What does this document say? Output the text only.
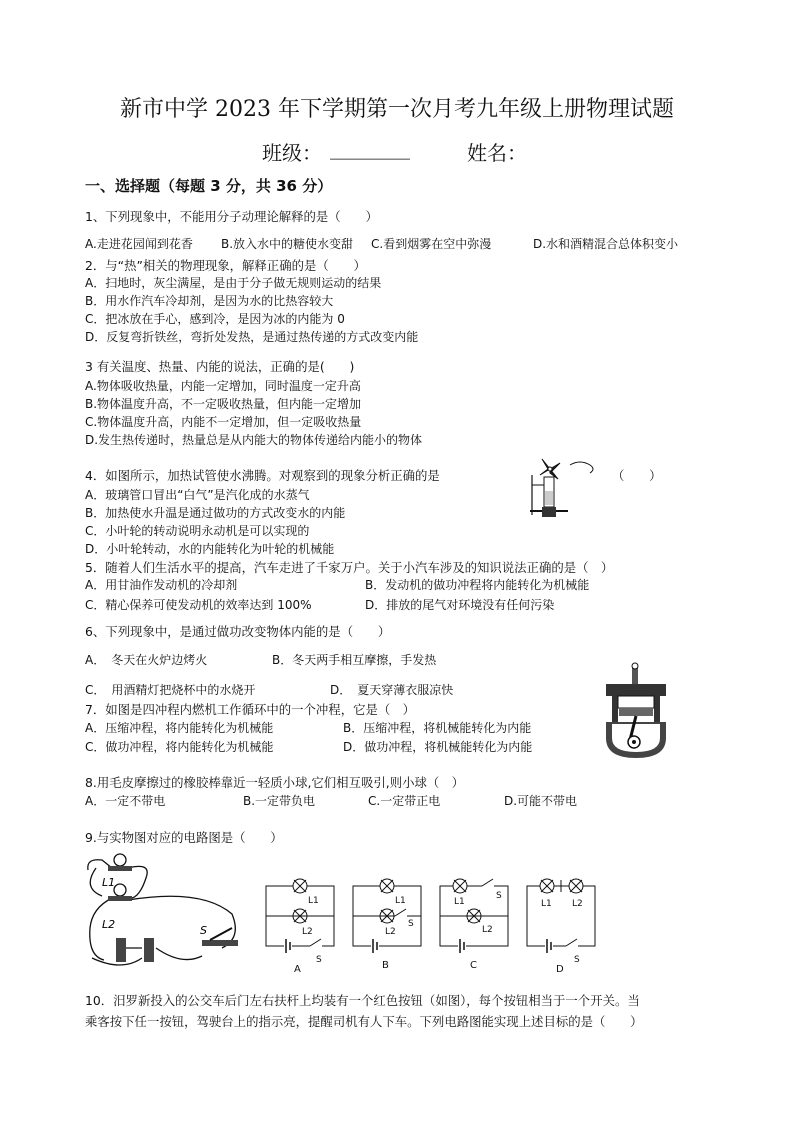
新市中学 2023 年下学期第一次月考九年级上册物理试题
班级： ________	姓名：
一、选择题（每题 3 分，共 36 分）
1、下列现象中，不能用分子动理论解释的是（　　）
A.走进花园闻到花香 B.放入水中的糖使水变甜 C.看到烟雾在空中弥漫	D.水和酒精混合总体积变小
2．与“热”相关的物理现象，解释正确的是（　　）
A．扫地时，灰尘满屋，是由于分子做无规则运动的结果
B．用水作汽车冷却剂，是因为水的比热容较大
C．把冰放在手心，感到冷，是因为冰的内能为 0
D．反复弯折铁丝，弯折处发热，是通过热传递的方式改变内能
3 有关温度、热量、内能的说法，正确的是(　　)
A.物体吸收热量，内能一定增加，同时温度一定升高
B.物体温度升高，不一定吸收热量，但内能一定增加
C.物体温度升高，内能不一定增加，但一定吸收热量
D.发生热传递时，热量总是从内能大的物体传递给内能小的物体
4．如图所示，加热试管使水沸腾。对观察到的现象分析正确的是	（　　）
A．玻璃管口冒出“白气”是汽化成的水蒸气
B．加热使水升温是通过做功的方式改变水的内能
C．小叶轮的转动说明永动机是可以实现的
D．小叶轮转动，水的内能转化为叶轮的机械能
5．随着人们生活水平的提高，汽车走进了千家万户。关于小汽车涉及的知识说法正确的是（　）
A．用甘油作发动机的冷却剂	B．发动机的做功冲程将内能转化为机械能
C．精心保养可使发动机的效率达到 100%	D．排放的尾气对环境没有任何污染
6、下列现象中，是通过做功改变物体内能的是（　　）
A．　冬天在火炉边烤火	B．冬天两手相互摩擦，手发热
C．　用酒精灯把烧杯中的水烧开	D．　夏天穿薄衣服凉快
7．如图是四冲程内燃机工作循环中的一个冲程，它是（　）
A．压缩冲程，将内能转化为机械能	B．压缩冲程，将机械能转化为内能
C．做功冲程，将内能转化为机械能	D．做功冲程，将机械能转化为内能
8.用毛皮摩擦过的橡胶棒靠近一轻质小球,它们相互吸引,则小球（　）
A．一定不带电	B.一定带负电	C.一定带正电	D.可能不带电
9.与实物图对应的电路图是（　　）
L1
L2	S
L1
L2
S
L1
L2
S
L1
L2
S
L1 L2
S
A	B	C	D
10．汨罗新投入的公交车后门左右扶杆上均装有一个红色按钮（如图），每个按钮相当于一个开关。当
乘客按下任一按钮，驾驶台上的指示亮，提醒司机有人下车。下列电路图能实现上述目标的是（　　）
